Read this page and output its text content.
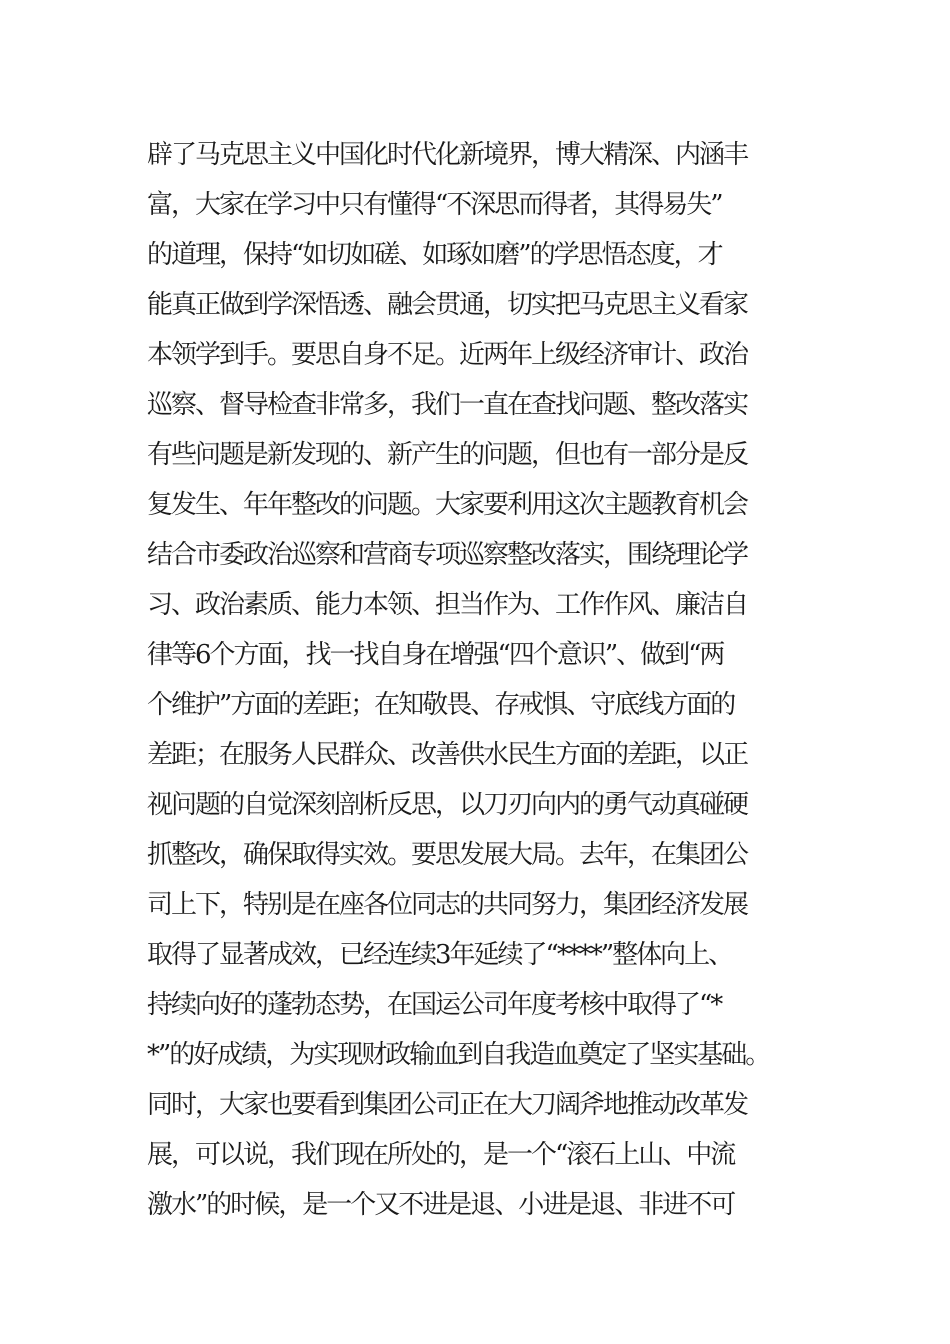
辟了马克思主义中国化时代化新境界，博大精深、内涵丰
富，大家在学习中只有懂得“不深思而得者，其得易失”
的道理，保持“如切如磋、如琢如磨”的学思悟态度，才
能真正做到学深悟透、融会贯通，切实把马克思主义看家
本领学到手。要思自身不足。近两年上级经济审计、政治
巡察、督导检查非常多，我们一直在查找问题、整改落实
有些问题是新发现的、新产生的问题，但也有一部分是反
复发生、年年整改的问题。大家要利用这次主题教育机会
结合市委政治巡察和营商专项巡察整改落实，围绕理论学
习、政治素质、能力本领、担当作为、工作作风、廉洁自
律等6个方面，找一找自身在增强“四个意识”、做到“两
个维护”方面的差距；在知敬畏、存戒惧、守底线方面的
差距；在服务人民群众、改善供水民生方面的差距，以正
视问题的自觉深刻剖析反思，以刀刃向内的勇气动真碰硬
抓整改，确保取得实效。要思发展大局。去年，在集团公
司上下，特别是在座各位同志的共同努力，集团经济发展
取得了显著成效，已经连续3年延续了“****”整体向上、
持续向好的蓬勃态势，在国运公司年度考核中取得了“*
*”的好成绩，为实现财政输血到自我造血奠定了坚实基础。
同时，大家也要看到集团公司正在大刀阔斧地推动改革发
展，可以说，我们现在所处的，是一个“滚石上山、中流
激水”的时候，是一个又不进是退、小进是退、非进不可
